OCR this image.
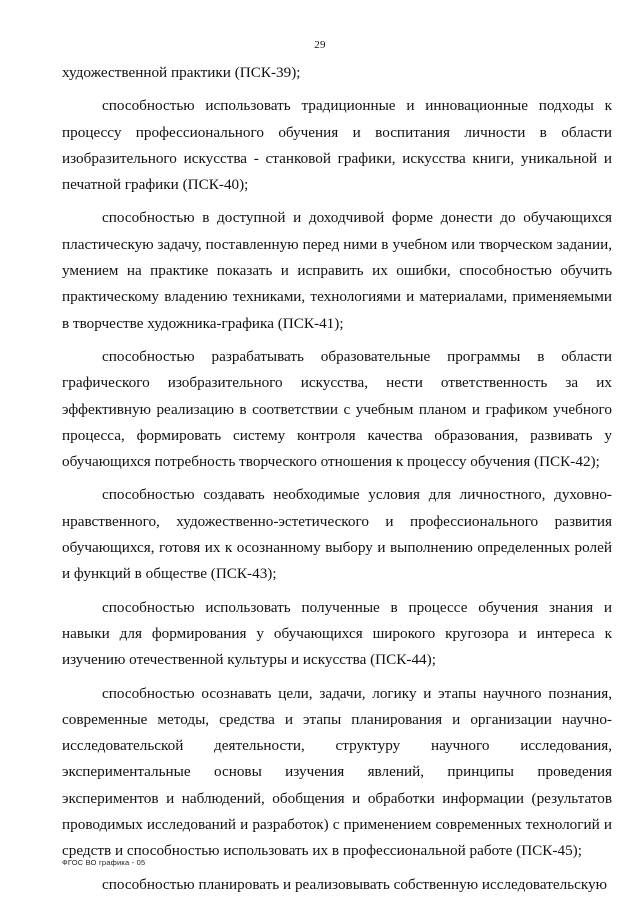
29

художественной практики (ПСК-39);

способностью использовать традиционные и инновационные подходы к процессу профессионального обучения и воспитания личности в области изобразительного искусства - станковой графики, искусства книги, уникальной и печатной графики (ПСК-40);

способностью в доступной и доходчивой форме донести до обучающихся пластическую задачу, поставленную перед ними в учебном или творческом задании, умением на практике показать и исправить их ошибки, способностью обучить практическому владению техниками, технологиями и материалами, применяемыми в творчестве художника-графика (ПСК-41);

способностью разрабатывать образовательные программы в области графического изобразительного искусства, нести ответственность за их эффективную реализацию в соответствии с учебным планом и графиком учебного процесса, формировать систему контроля качества образования, развивать у обучающихся потребность творческого отношения к процессу обучения (ПСК-42);

способностью создавать необходимые условия для личностного, духовно-нравственного, художественно-эстетического и профессионального развития обучающихся, готовя их к осознанному выбору и выполнению определенных ролей и функций в обществе (ПСК-43);

способностью использовать полученные в процессе обучения знания и навыки для формирования у обучающихся широкого кругозора и интереса к изучению отечественной культуры и искусства (ПСК-44);

способностью осознавать цели, задачи, логику и этапы научного познания, современные методы, средства и этапы планирования и организации научно-исследовательской деятельности, структуру научного исследования, экспериментальные основы изучения явлений, принципы проведения экспериментов и наблюдений, обобщения и обработки информации (результатов проводимых исследований и разработок) с применением современных технологий и средств и способностью использовать их в профессиональной работе (ПСК-45);

способностью планировать и реализовывать собственную исследовательскую

ФГОС ВО графика - 05
